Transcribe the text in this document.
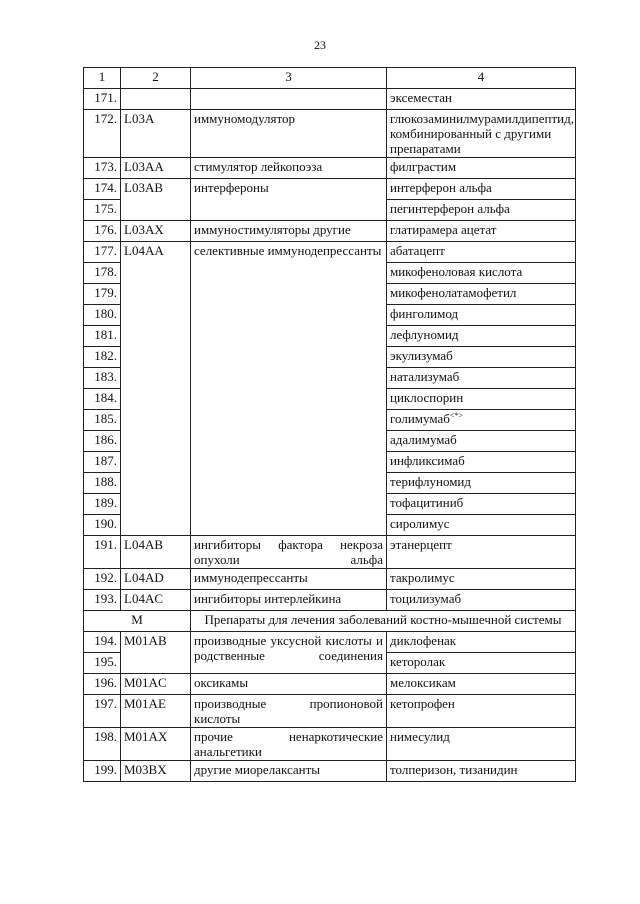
23
1	2	3	4
171.			эксеместан
172.	L03A	иммуномодулятор	глюкозаминилмурамилдипептид, комбинированный с другими препаратами
173.	L03AA	стимулятор лейкопоэза	филграстим
174.	L03AB	интерфероны	интерферон альфа
175.			пегинтерферон альфа
176.	L03AX	иммуностимуляторы другие	глатирамера ацетат
177.	L04AA	селективные иммунодепрессанты	абатацепт
178.			микофеноловая кислота
179.			микофенолатамофетил
180.			финголимод
181.			лефлуномид
182.			экулизумаб
183.			натализумаб
184.			циклоспорин
185.			голимумаб<*>
186.			адалимумаб
187.			инфликсимаб
188.			терифлуномид
189.			тофацитиниб
190.			сиролимус
191.	L04AB	ингибиторы фактора некроза опухоли альфа	этанерцепт
192.	L04AD	иммунодепрессанты	такролимус
193.	L04AC	ингибиторы интерлейкина	тоцилизумаб
M		Препараты для лечения заболеваний костно-мышечной системы	
194.	M01AB	производные уксусной кислоты и родственные соединения	диклофенак
195.			кеторолак
196.	M01AC	оксикамы	мелоксикам
197.	M01AE	производные пропионовой кислоты	кетопрофен
198.	M01AX	прочие ненаркотические анальгетики	нимесулид
199.	M03BX	другие миорелаксанты	толперизон, тизанидин
